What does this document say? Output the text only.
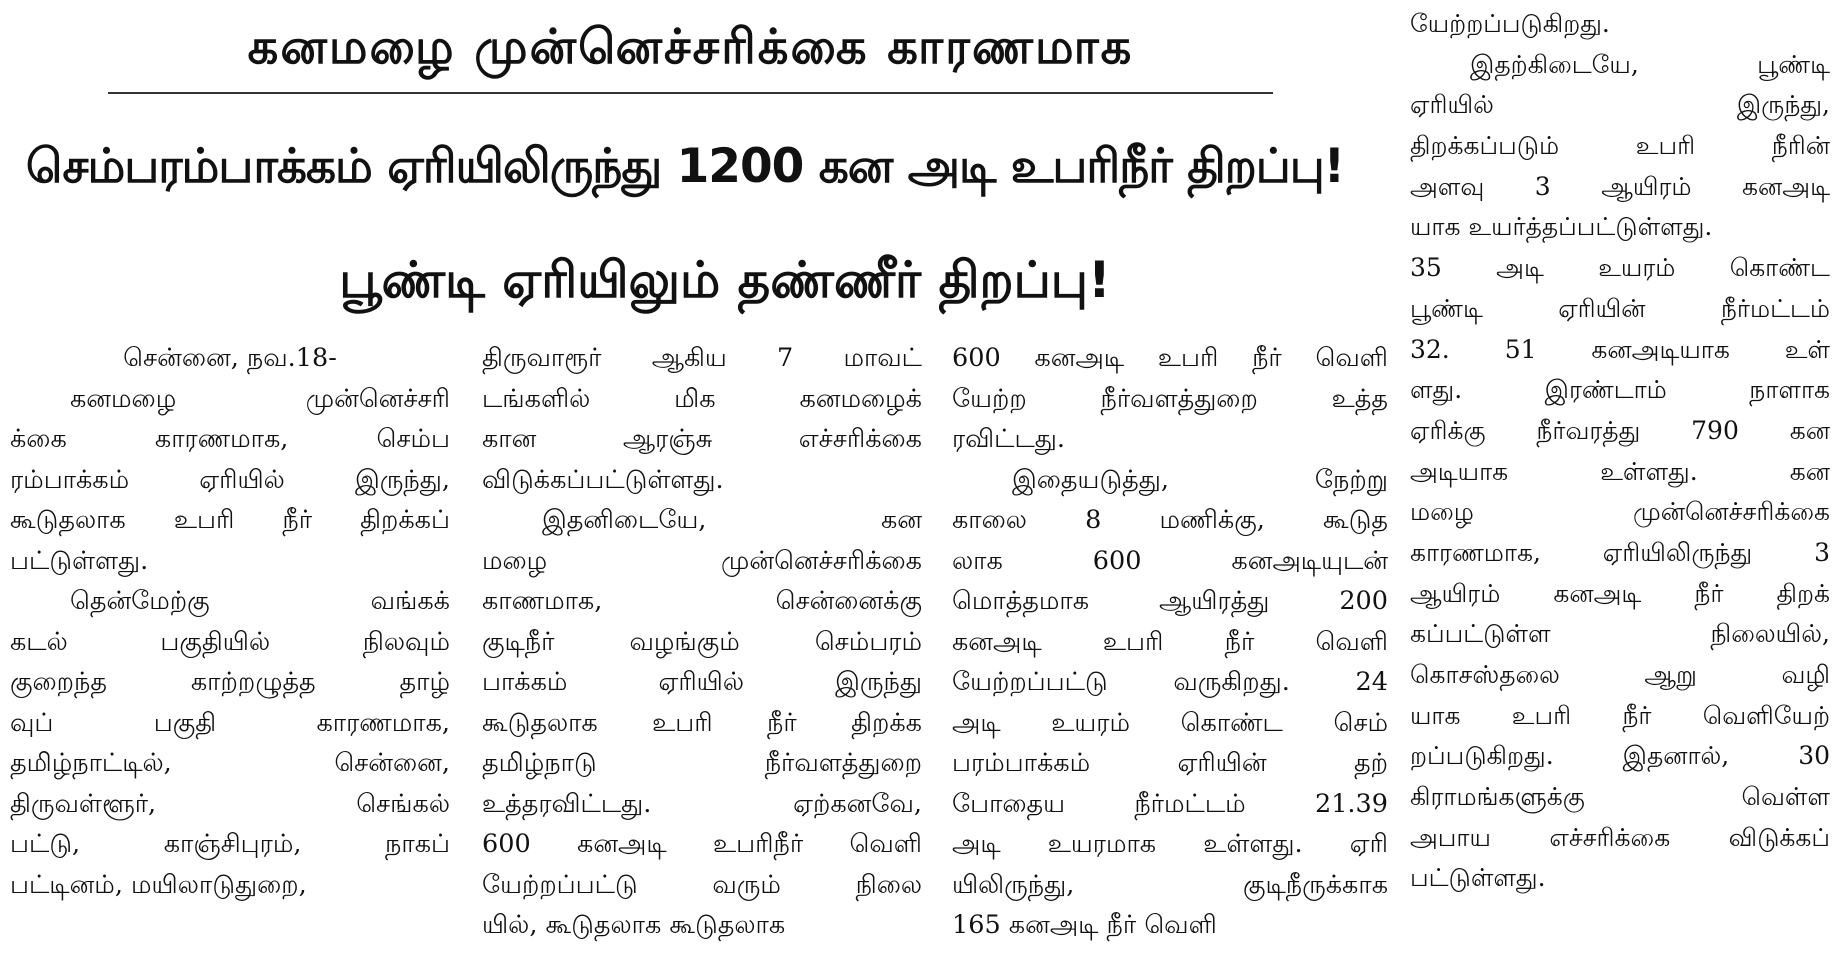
கனமழை முன்னெச்சரிக்கை காரணமாக
செம்பரம்பாக்கம் ஏரியிலிருந்து 1200 கன அடி உபரிநீர் திறப்பு!
பூண்டி ஏரியிலும் தண்ணீர் திறப்பு!
சென்னை, நவ.18-
கனமழை	முன்னெச்சரி
க்கை	காரணமாக,	செம்ப
ரம்பாக்கம்	ஏரியில்	இருந்து,
கூடுதலாக உபரி நீர் திறக்கப்
பட்டுள்ளது.
தென்மேற்கு	வங்கக்
கடல்	பகுதியில்	நிலவும்
குறைந்த	காற்றழுத்த	தாழ்
வுப்	பகுதி	காரணமாக,
தமிழ்நாட்டில்,	சென்னை,
திருவள்ளூர்,	செங்கல்
பட்டு,	காஞ்சிபுரம்,	நாகப்
பட்டினம், மயிலாடுதுறை,
திருவாரூர் ஆகிய 7 மாவட்
டங்களில்	மிக	கனமழைக்
கான	ஆரஞ்சு	எச்சரிக்கை
விடுக்கப்பட்டுள்ளது.
இதனிடையே,	கன
மழை	முன்னெச்சரிக்கை
காணமாக,	சென்னைக்கு
குடிநீர்	வழங்கும்	செம்பரம்
பாக்கம்	ஏரியில்	இருந்து
கூடுதலாக உபரி நீர் திறக்க
தமிழ்நாடு	நீர்வளத்துறை
உத்தரவிட்டது.	ஏற்கனவே,
600 கனஅடி உபரிநீர் வெளி
யேற்றப்பட்டு	வரும்	நிலை
யில், கூடுதலாக கூடுதலாக
600 கனஅடி உபரி நீர் வெளி
யேற்ற	நீர்வளத்துறை	உத்த
ரவிட்டது.
இதையடுத்து,	நேற்று
காலை 8 மணிக்கு, கூடுத
லாக	600	கனஅடியுடன்
மொத்தமாக	ஆயிரத்து	200
கனஅடி உபரி நீர் வெளி
யேற்றப்பட்டு	வருகிறது.	24
அடி உயரம் கொண்ட செம்
பரம்பாக்கம்	ஏரியின்	தற்
போதைய	நீர்மட்டம்	21.39
அடி உயரமாக உள்ளது. ஏரி
யிலிருந்து,	குடிநீருக்காக
165 கனஅடி நீர் வெளி
யேற்றப்படுகிறது.
இதற்கிடையே,	பூண்டி
ஏரியில்	இருந்து,
திறக்கப்படும்	உபரி	நீரின்
அளவு 3 ஆயிரம் கனஅடி
யாக உயர்த்தப்பட்டுள்ளது.
35 அடி உயரம் கொண்ட
பூண்டி	ஏரியின்	நீர்மட்டம்
32. 51 கனஅடியாக உள்
ளது.	இரண்டாம்	நாளாக
ஏரிக்கு நீர்வரத்து 790 கன
அடியாக	உள்ளது.	கன
மழை	முன்னெச்சரிக்கை
காரணமாக, ஏரியிலிருந்து 3
ஆயிரம் கனஅடி நீர் திறக்
கப்பட்டுள்ள	நிலையில்,
கொசஸ்தலை	ஆறு	வழி
யாக உபரி நீர் வெளியேற்
றப்படுகிறது.	இதனால்,	30
கிராமங்களுக்கு	வெள்ள
அபாய எச்சரிக்கை விடுக்கப்
பட்டுள்ளது.
